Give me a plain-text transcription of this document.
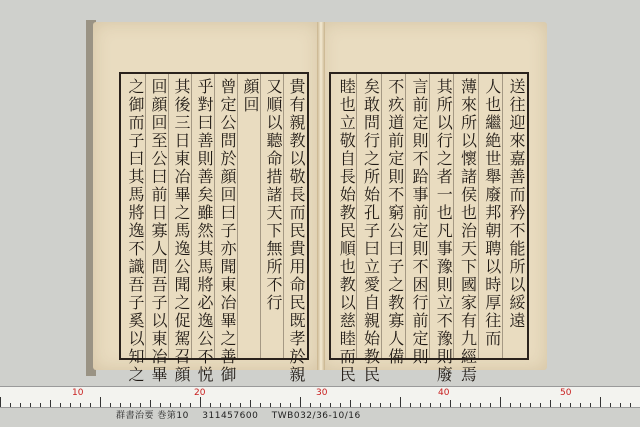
貴有親教以敬長而民貴用命民既孝於親
又順以聽命措諸天下無所不行
顔回
曾定公問於顔回曰子亦聞東冶畢之善御
乎對曰善則善矣雖然其馬將必逸公不悦
其後三日東冶畢之馬逸公聞之促駕召顔
回顔回至公曰前日寡人問吾子以東冶畢
之御而子曰其馬將逸不識吾子奚以知之	送往迎來嘉善而矜不能所以綏遠
人也繼絶世舉廢邦朝聘以時厚往而
薄來所以懷諸侯也治天下國家有九經焉
其所以行之者一也凡事豫則立不豫則廢
言前定則不跲事前定則不困行前定則
不疚道前定則不窮公曰子之教寡人備
矣敢問行之所始孔子曰立愛自親始教民
睦也立敬自長始教民順也教以慈睦而民
10	20	30	40	50
群書治要 巻第10 311457600 TWB032/36-10/16
